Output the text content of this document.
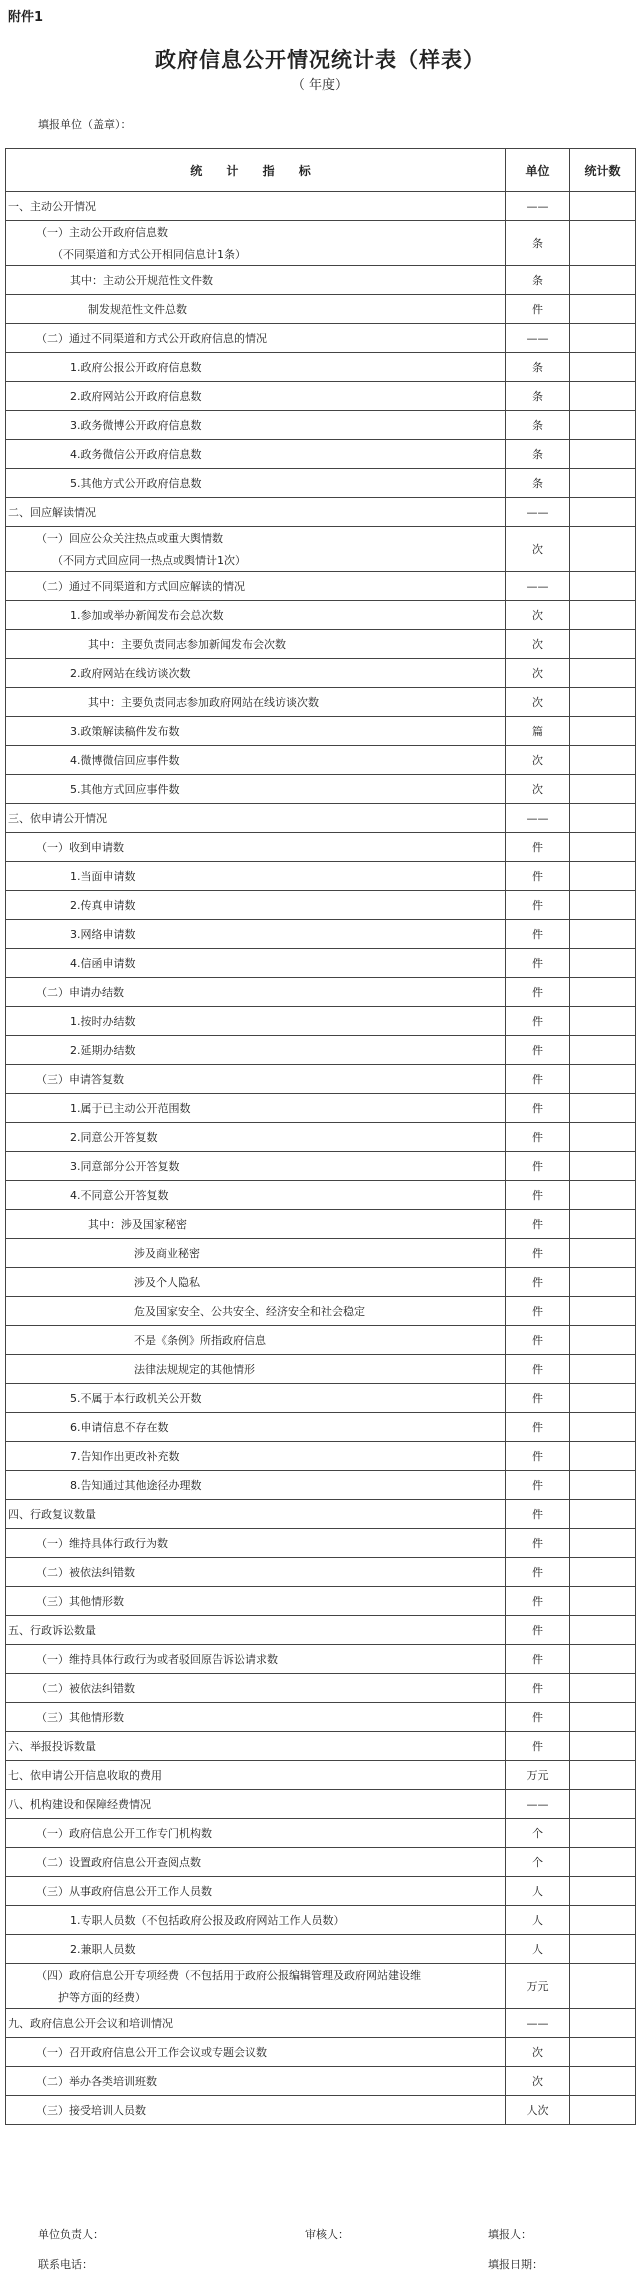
附件1
政府信息公开情况统计表（样表）
（ 年度）
填报单位（盖章）：
统 计 指 标	单位	统计数
一、主动公开情况	——	
（一）主动公开政府信息数
（不同渠道和方式公开相同信息计1条）	条	
其中：主动公开规范性文件数	条	
制发规范性文件总数	件	
（二）通过不同渠道和方式公开政府信息的情况	——	
1.政府公报公开政府信息数	条	
2.政府网站公开政府信息数	条	
3.政务微博公开政府信息数	条	
4.政务微信公开政府信息数	条	
5.其他方式公开政府信息数	条	
二、回应解读情况	——	
（一）回应公众关注热点或重大舆情数
（不同方式回应同一热点或舆情计1次）	次	
（二）通过不同渠道和方式回应解读的情况	——	
1.参加或举办新闻发布会总次数	次	
其中：主要负责同志参加新闻发布会次数	次	
2.政府网站在线访谈次数	次	
其中：主要负责同志参加政府网站在线访谈次数	次	
3.政策解读稿件发布数	篇	
4.微博微信回应事件数	次	
5.其他方式回应事件数	次	
三、依申请公开情况	——	
（一）收到申请数	件	
1.当面申请数	件	
2.传真申请数	件	
3.网络申请数	件	
4.信函申请数	件	
（二）申请办结数	件	
1.按时办结数	件	
2.延期办结数	件	
（三）申请答复数	件	
1.属于已主动公开范围数	件	
2.同意公开答复数	件	
3.同意部分公开答复数	件	
4.不同意公开答复数	件	
其中：涉及国家秘密	件	
涉及商业秘密	件	
涉及个人隐私	件	
危及国家安全、公共安全、经济安全和社会稳定	件	
不是《条例》所指政府信息	件	
法律法规规定的其他情形	件	
5.不属于本行政机关公开数	件	
6.申请信息不存在数	件	
7.告知作出更改补充数	件	
8.告知通过其他途径办理数	件	
四、行政复议数量	件	
（一）维持具体行政行为数	件	
（二）被依法纠错数	件	
（三）其他情形数	件	
五、行政诉讼数量	件	
（一）维持具体行政行为或者驳回原告诉讼请求数	件	
（二）被依法纠错数	件	
（三）其他情形数	件	
六、举报投诉数量	件	
七、依申请公开信息收取的费用	万元	
八、机构建设和保障经费情况	——	
（一）政府信息公开工作专门机构数	个	
（二）设置政府信息公开查阅点数	个	
（三）从事政府信息公开工作人员数	人	
1.专职人员数（不包括政府公报及政府网站工作人员数）	人	
2.兼职人员数	人	
（四）政府信息公开专项经费（不包括用于政府公报编辑管理及政府网站建设维
护等方面的经费）	万元	
九、政府信息公开会议和培训情况	——	
（一）召开政府信息公开工作会议或专题会议数	次	
（二）举办各类培训班数	次	
（三）接受培训人员数	人次	
单位负责人：	审核人：	填报人：
联系电话：	填报日期：
